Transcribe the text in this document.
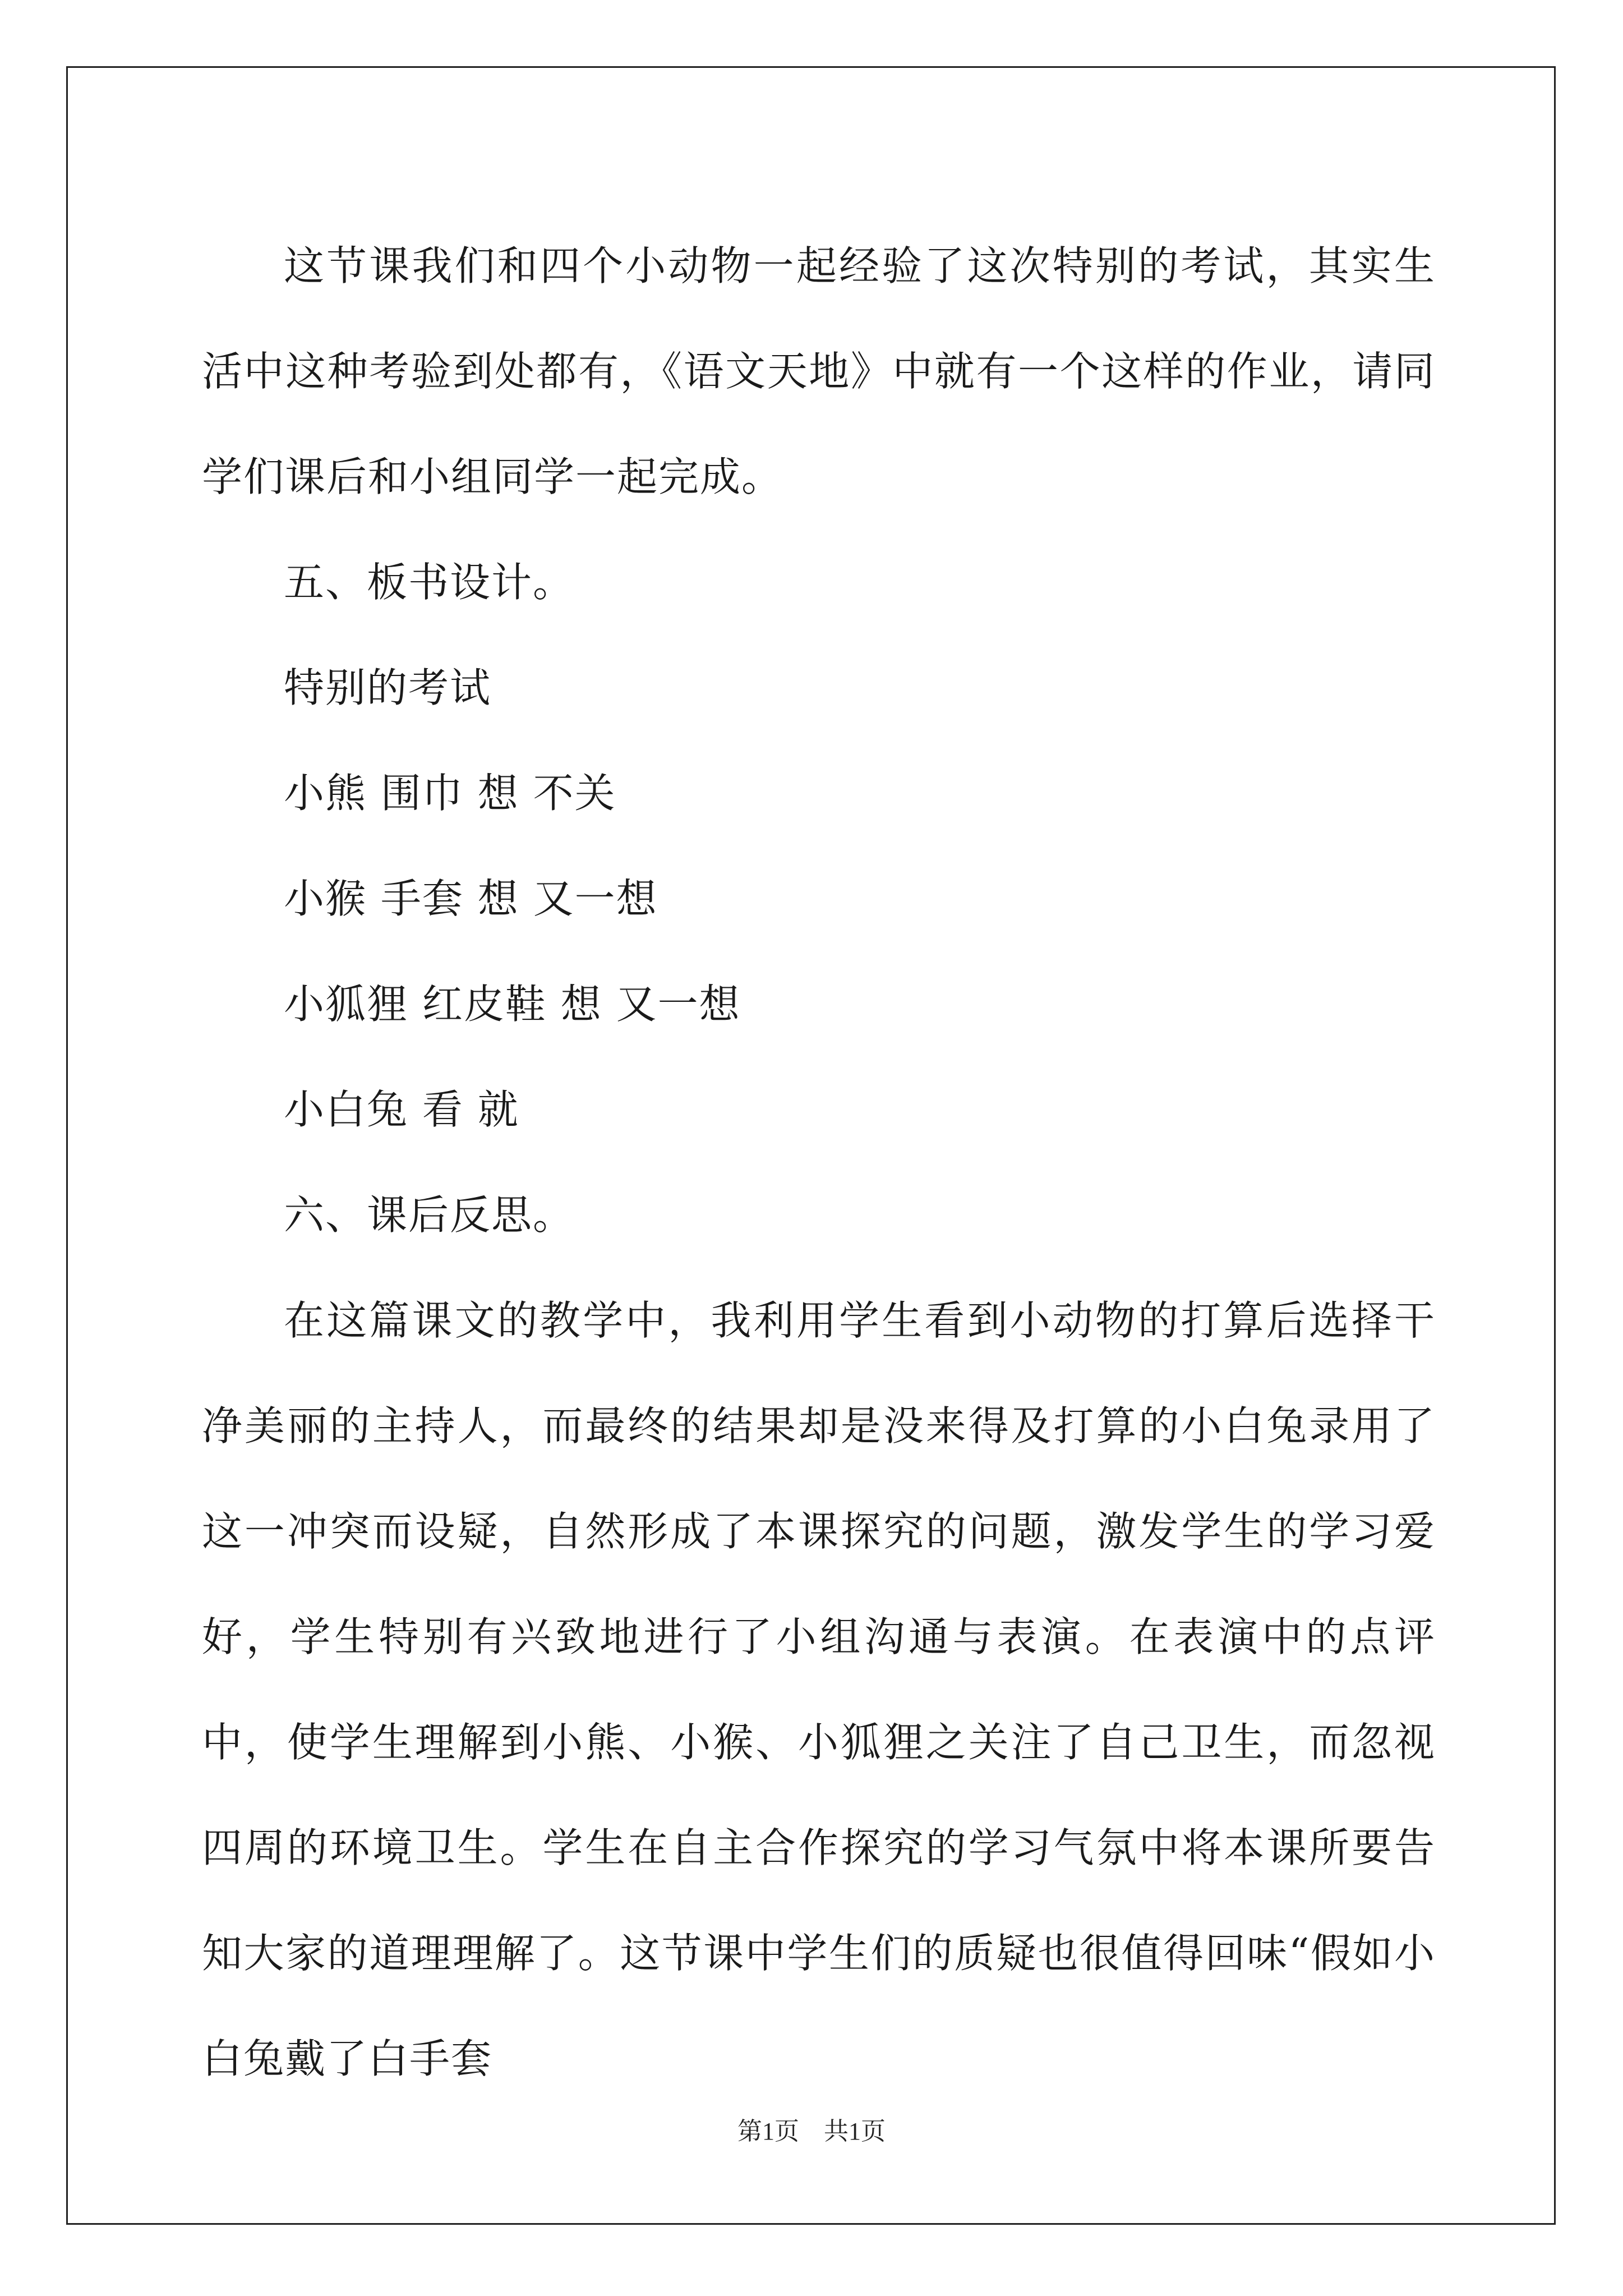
这节课我们和四个小动物一起经验了这次特别的考试，其实生活中这种考验到处都有，《语文天地》中就有一个这样的作业，请同学们课后和小组同学一起完成。

五、板书设计。

特别的考试

小熊 围巾 想 不关

小猴 手套 想 又一想

小狐狸 红皮鞋 想 又一想

小白兔 看 就

六、课后反思。

在这篇课文的教学中，我利用学生看到小动物的打算后选择干净美丽的主持人，而最终的结果却是没来得及打算的小白兔录用了这一冲突而设疑，自然形成了本课探究的问题，激发学生的学习爱好，学生特别有兴致地进行了小组沟通与表演。在表演中的点评中，使学生理解到小熊、小猴、小狐狸之关注了自己卫生，而忽视四周的环境卫生。学生在自主合作探究的学习气氛中将本课所要告知大家的道理理解了。这节课中学生们的质疑也很值得回味“假如小白兔戴了白手套

第1页　共1页
